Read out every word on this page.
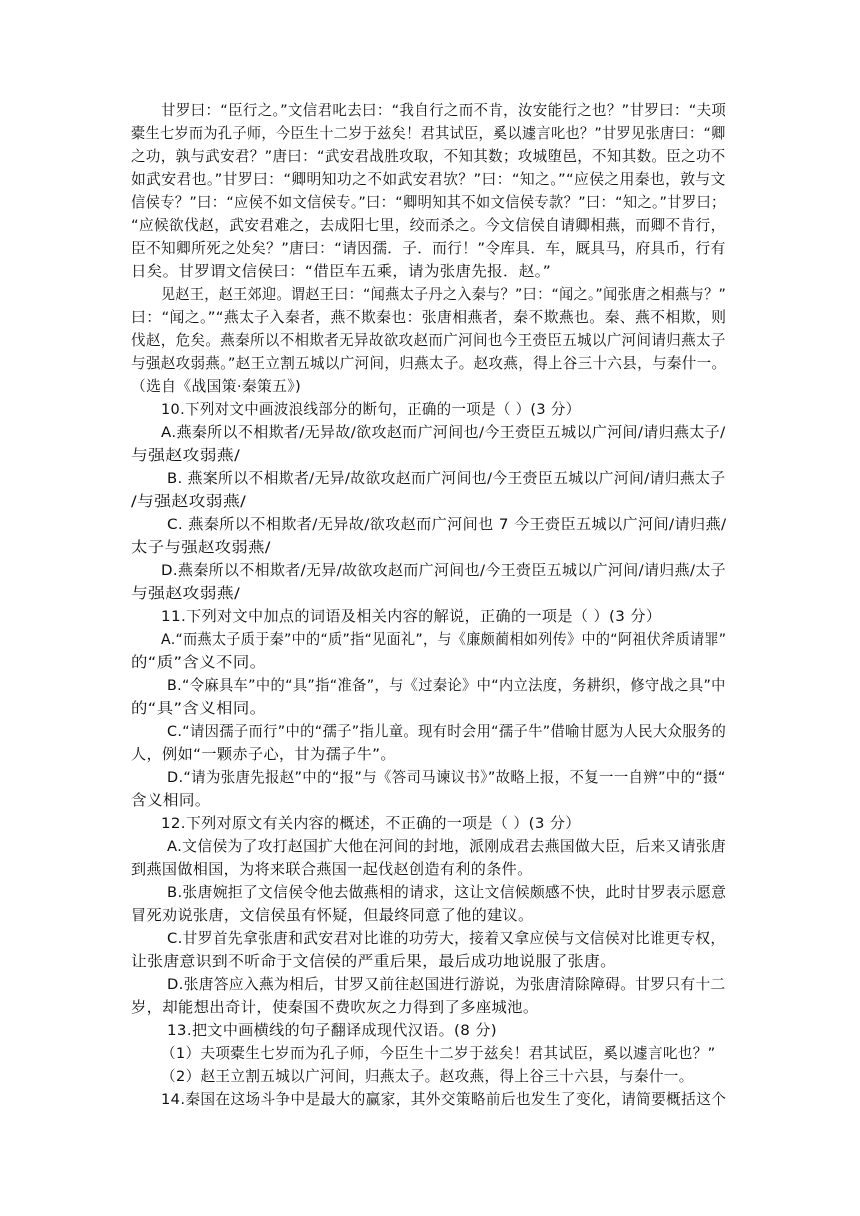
甘罗曰：“臣行之。”文信君叱去曰：“我自行之而不肯，汝安能行之也？”甘罗曰：“夫项
橐生七岁而为孔子师，今臣生十二岁于兹矣！君其试臣，奚以遽言叱也？”甘罗见张唐曰：“卿
之功，孰与武安君？”唐曰：“武安君战胜攻取，不知其数；攻城堕邑，不知其数。臣之功不
如武安君也。”甘罗曰：“卿明知功之不如武安君欤？”曰：“知之。”“应侯之用秦也，敦与文
信侯专？”曰：“应侯不如文信侯专。”曰：“卿明知其不如文信侯专款？”曰：“知之。”甘罗曰；
“应候欲伐赵，武安君难之，去成阳七里，绞而杀之。今文信侯自请卿相燕，而卿不肯行，
臣不知卿所死之处矣？”唐曰：“请因孺．子．而行！”令库具．车，厩具马，府具币，行有
日矣。甘罗谓文信侯曰：“借臣车五乘，请为张唐先报．赵。”
见赵王，赵王郊迎。谓赵王曰：“闻燕太子丹之入秦与？”曰：“闻之。”闻张唐之相燕与？”
曰：“闻之。”“燕太子入秦者，燕不欺秦也：张唐相燕者，秦不欺燕也。秦、燕不相欺，则
伐赵，危矣。燕秦所以不相欺者无异故欲攻赵而广河间也今王赍臣五城以广河间请归燕太子
与强赵攻弱燕。”赵王立割五城以广河间，归燕太子。赵攻燕，得上谷三十六县，与秦什一。
（选自《战国策·秦策五》)
10.下列对文中画波浪线部分的断句，正确的一项是（ ）(3 分）
A.燕秦所以不相欺者/无异故/欲攻赵而广河间也/今王赍臣五城以广河间/请归燕太子/
与强赵攻弱燕/
B. 燕案所以不相欺者/无异/故欲攻赵而广河间也/今王赍臣五城以广河间/请归燕太子
/与强赵攻弱燕/
C. 燕秦所以不相欺者/无异故/欲攻赵而广河间也 7 今王赍臣五城以广河间/请归燕/
太子与强赵攻弱燕/
D.燕秦所以不相欺者/无异/故欲攻赵而广河间也/今王赍臣五城以广河间/请归燕/太子
与强赵攻弱燕/
11.下列对文中加点的词语及相关内容的解说，正确的一项是（ ）(3 分）
A.“而燕太子质于秦”中的“质”指“见面礼”，与《廉颇蔺相如列传》中的“阿祖伏斧质请罪”
的“质”含义不同。
B.“令麻具车”中的“具”指“准备”，与《过秦论》中“内立法度，务耕织，修守战之具”中
的“具”含义相同。
C.“请因孺子而行”中的“孺子”指儿童。现有时会用“孺子牛”借喻甘愿为人民大众服务的
人，例如“一颗赤子心，甘为孺子牛”。
D.“请为张唐先报赵”中的“报”与《答司马谏议书》”故略上报，不复一一自辨”中的“摄“
含义相同。
12.下列对原文有关内容的概述，不正确的一项是（ ）(3 分）
A.文信侯为了攻打赵国扩大他在河间的封地，派刚成君去燕国做大臣，后来又请张唐
到燕国做相国，为将来联合燕国一起伐赵创造有利的条件。
B.张唐婉拒了文信侯令他去做燕相的请求，这让文信候颇感不快，此时甘罗表示愿意
冒死劝说张唐，文信侯虽有怀疑，但最终同意了他的建议。
C.甘罗首先拿张唐和武安君对比谁的功劳大，接着又拿应侯与文信侯对比谁更专权，
让张唐意识到不听命于文信侯的严重后果，最后成功地说服了张唐。
D.张唐答应入燕为相后，甘罗又前往赵国进行游说，为张唐清除障碍。甘罗只有十二
岁，却能想出奇计，使秦国不费吹灰之力得到了多座城池。
13.把文中画横线的句子翻译成现代汉语。(8 分)
（1）夫项橐生七岁而为孔子师，今臣生十二岁于兹矣！君其试臣，奚以遽言叱也？”
（2）赵王立割五城以广河间，归燕太子。赵攻燕，得上谷三十六县，与秦什一。
14.秦国在这场斗争中是最大的赢家，其外交策略前后也发生了变化，请简要概括这个
